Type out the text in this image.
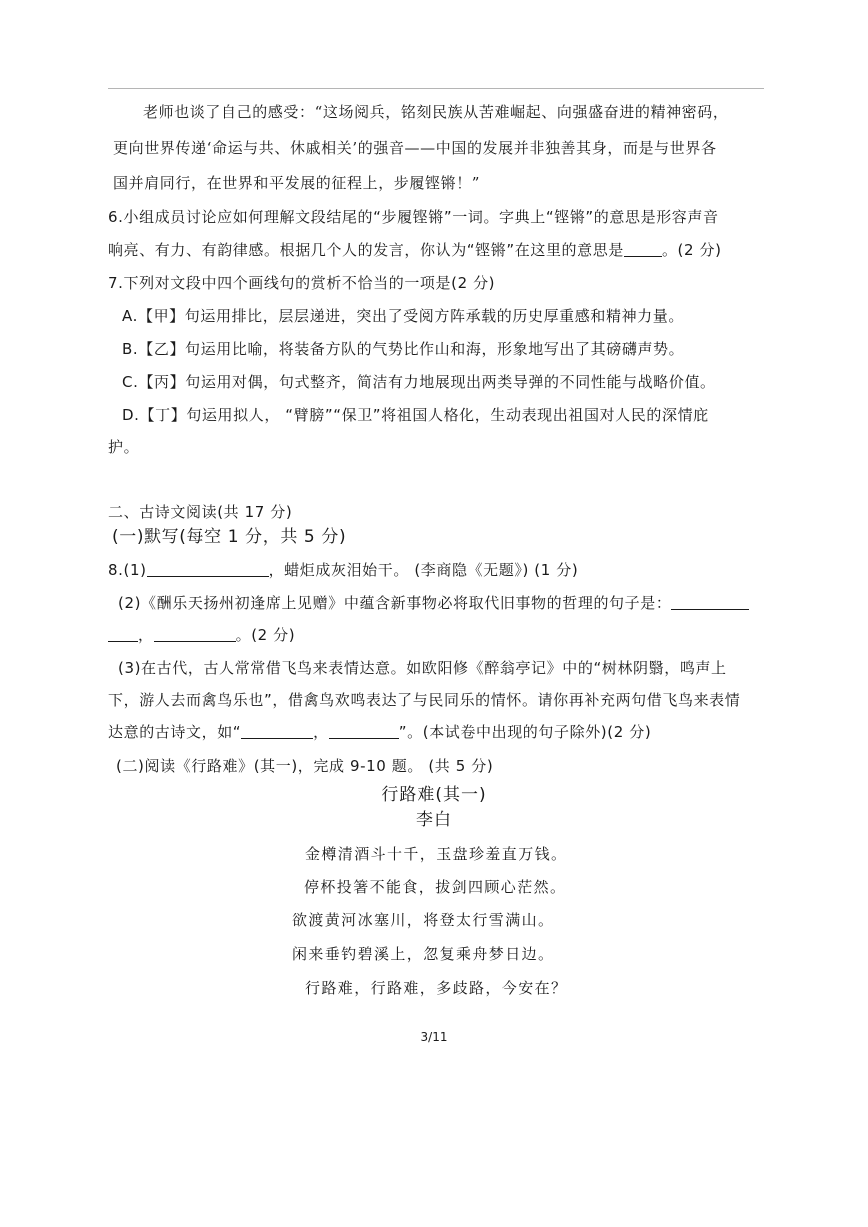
老师也谈了自己的感受：“这场阅兵，铭刻民族从苦难崛起、向强盛奋进的精神密码，
更向世界传递‘命运与共、休戚相关’的强音——中国的发展并非独善其身，而是与世界各
国并肩同行，在世界和平发展的征程上，步履铿锵！”
6.小组成员讨论应如何理解文段结尾的“步履铿锵”一词。字典上“铿锵”的意思是形容声音
响亮、有力、有韵律感。根据几个人的发言，你认为“铿锵”在这里的意思是	。(2 分)
7.下列对文段中四个画线句的赏析不恰当的一项是(2 分)
A.【甲】句运用排比，层层递进，突出了受阅方阵承载的历史厚重感和精神力量。
B.【乙】句运用比喻，将装备方队的气势比作山和海，形象地写出了其磅礴声势。
C.【丙】句运用对偶，句式整齐，简洁有力地展现出两类导弹的不同性能与战略价值。
D.【丁】句运用拟人， “臂膀”“保卫”将祖国人格化，生动表现出祖国对人民的深情庇
护。
二、古诗文阅读(共 17 分)
(一)默写(每空 1 分，共 5 分)
8.(1)	，蜡炬成灰泪始干。 (李商隐《无题》) (1 分)
(2)《酬乐天扬州初逢席上见赠》中蕴含新事物必将取代旧事物的哲理的句子是：
，	。(2 分)
(3)在古代，古人常常借飞鸟来表情达意。如欧阳修《醉翁亭记》中的“树林阴翳，鸣声上
下，游人去而禽鸟乐也”，借禽鸟欢鸣表达了与民同乐的情怀。请你再补充两句借飞鸟来表情
达意的古诗文，如“	，	”。(本试卷中出现的句子除外)(2 分)
(二)阅读《行路难》(其一)，完成 9-10 题。 (共 5 分)
行路难(其一)
李白
金樽清酒斗十千，玉盘珍羞直万钱。
停杯投箸不能食，拔剑四顾心茫然。
欲渡黄河冰塞川，将登太行雪满山。
闲来垂钓碧溪上，忽复乘舟梦日边。
行路难，行路难，多歧路，今安在？
3/11
